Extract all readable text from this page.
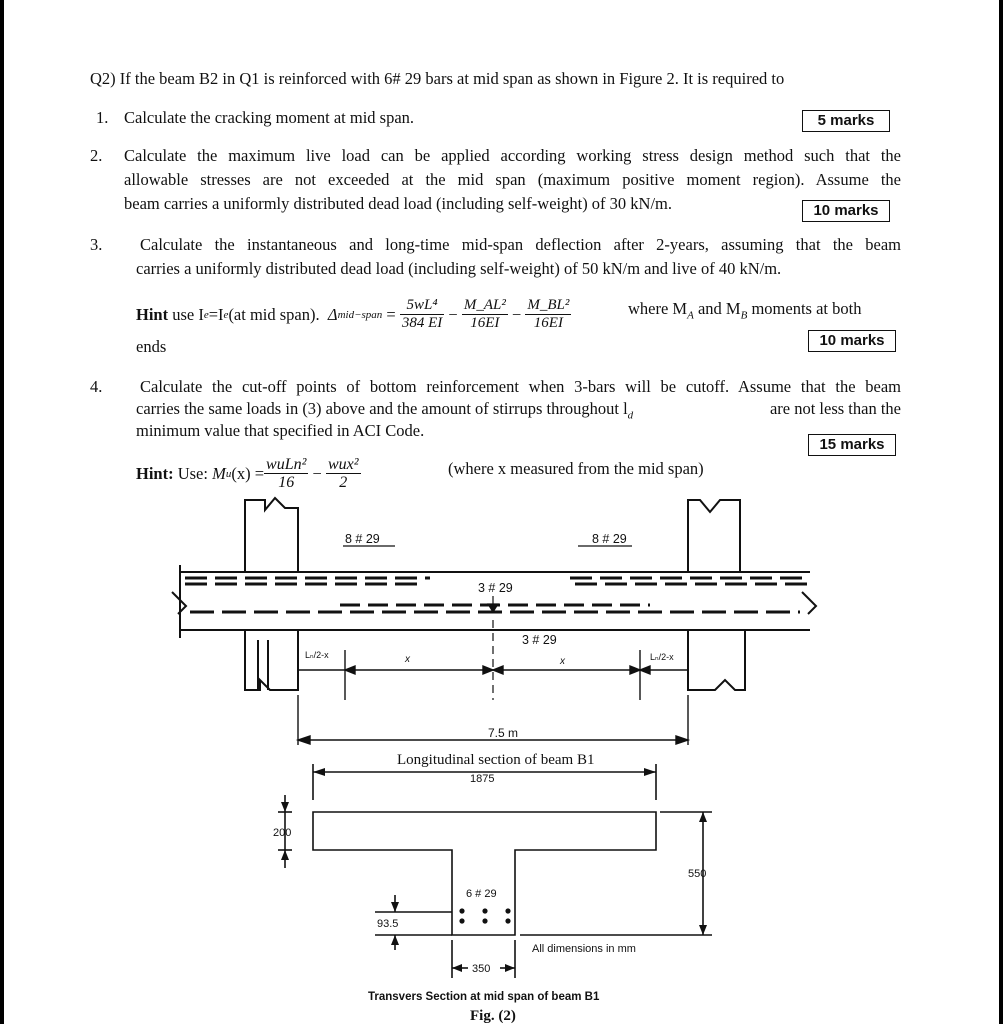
Q2) If the beam B2 in Q1 is reinforced with 6# 29 bars at mid span as shown in Figure 2. It is required to
1. Calculate the cracking moment at mid span.	5 marks
2. Calculate the maximum live load can be applied according working stress design method such that the
allowable stresses are not exceeded at the mid span (maximum positive moment region). Assume the
beam carries a uniformly distributed dead load (including self-weight) of 30 kN/m.	10 marks
3. Calculate the instantaneous and long-time mid-span deflection after 2-years, assuming that the beam
carries a uniformly distributed dead load (including self-weight) of 50 kN/m and live of 40 kN/m.
Hint
use I e =I e (at mid span).
Δ mid−span = $\frac{\text{5wL⁴}}{384 EI} - \frac{\text{M\_AL²}}{16EI} - \frac{\text{M\_BL²}}{16EI}$	where $M_A$ and $M_B$ moments at both
ends	10 marks
4. Calculate the cut-off points of bottom reinforcement when 3-bars will be cutoff. Assume that the beam
carries the same loads in (3) above and the amount of stirrups throughout $l_d$	are not less than the
minimum value that specified in ACI Code.
15 marks
Hint:
Use:
M u $(x) = \frac{\text{wuLn²}}{16} - \frac{\text{wux²}}{2}$	(where x measured from the mid span)
8 # 29	8 # 29
3 # 29
3 # 29
Lₙ/2-x	Lₙ/2-x
x	x
7.5 m
1875
200
550
6 # 29
93.5
350
All dimensions in mm
Transvers Section at mid span of beam B1
Longitudinal section of beam B1
Fig. (2)
